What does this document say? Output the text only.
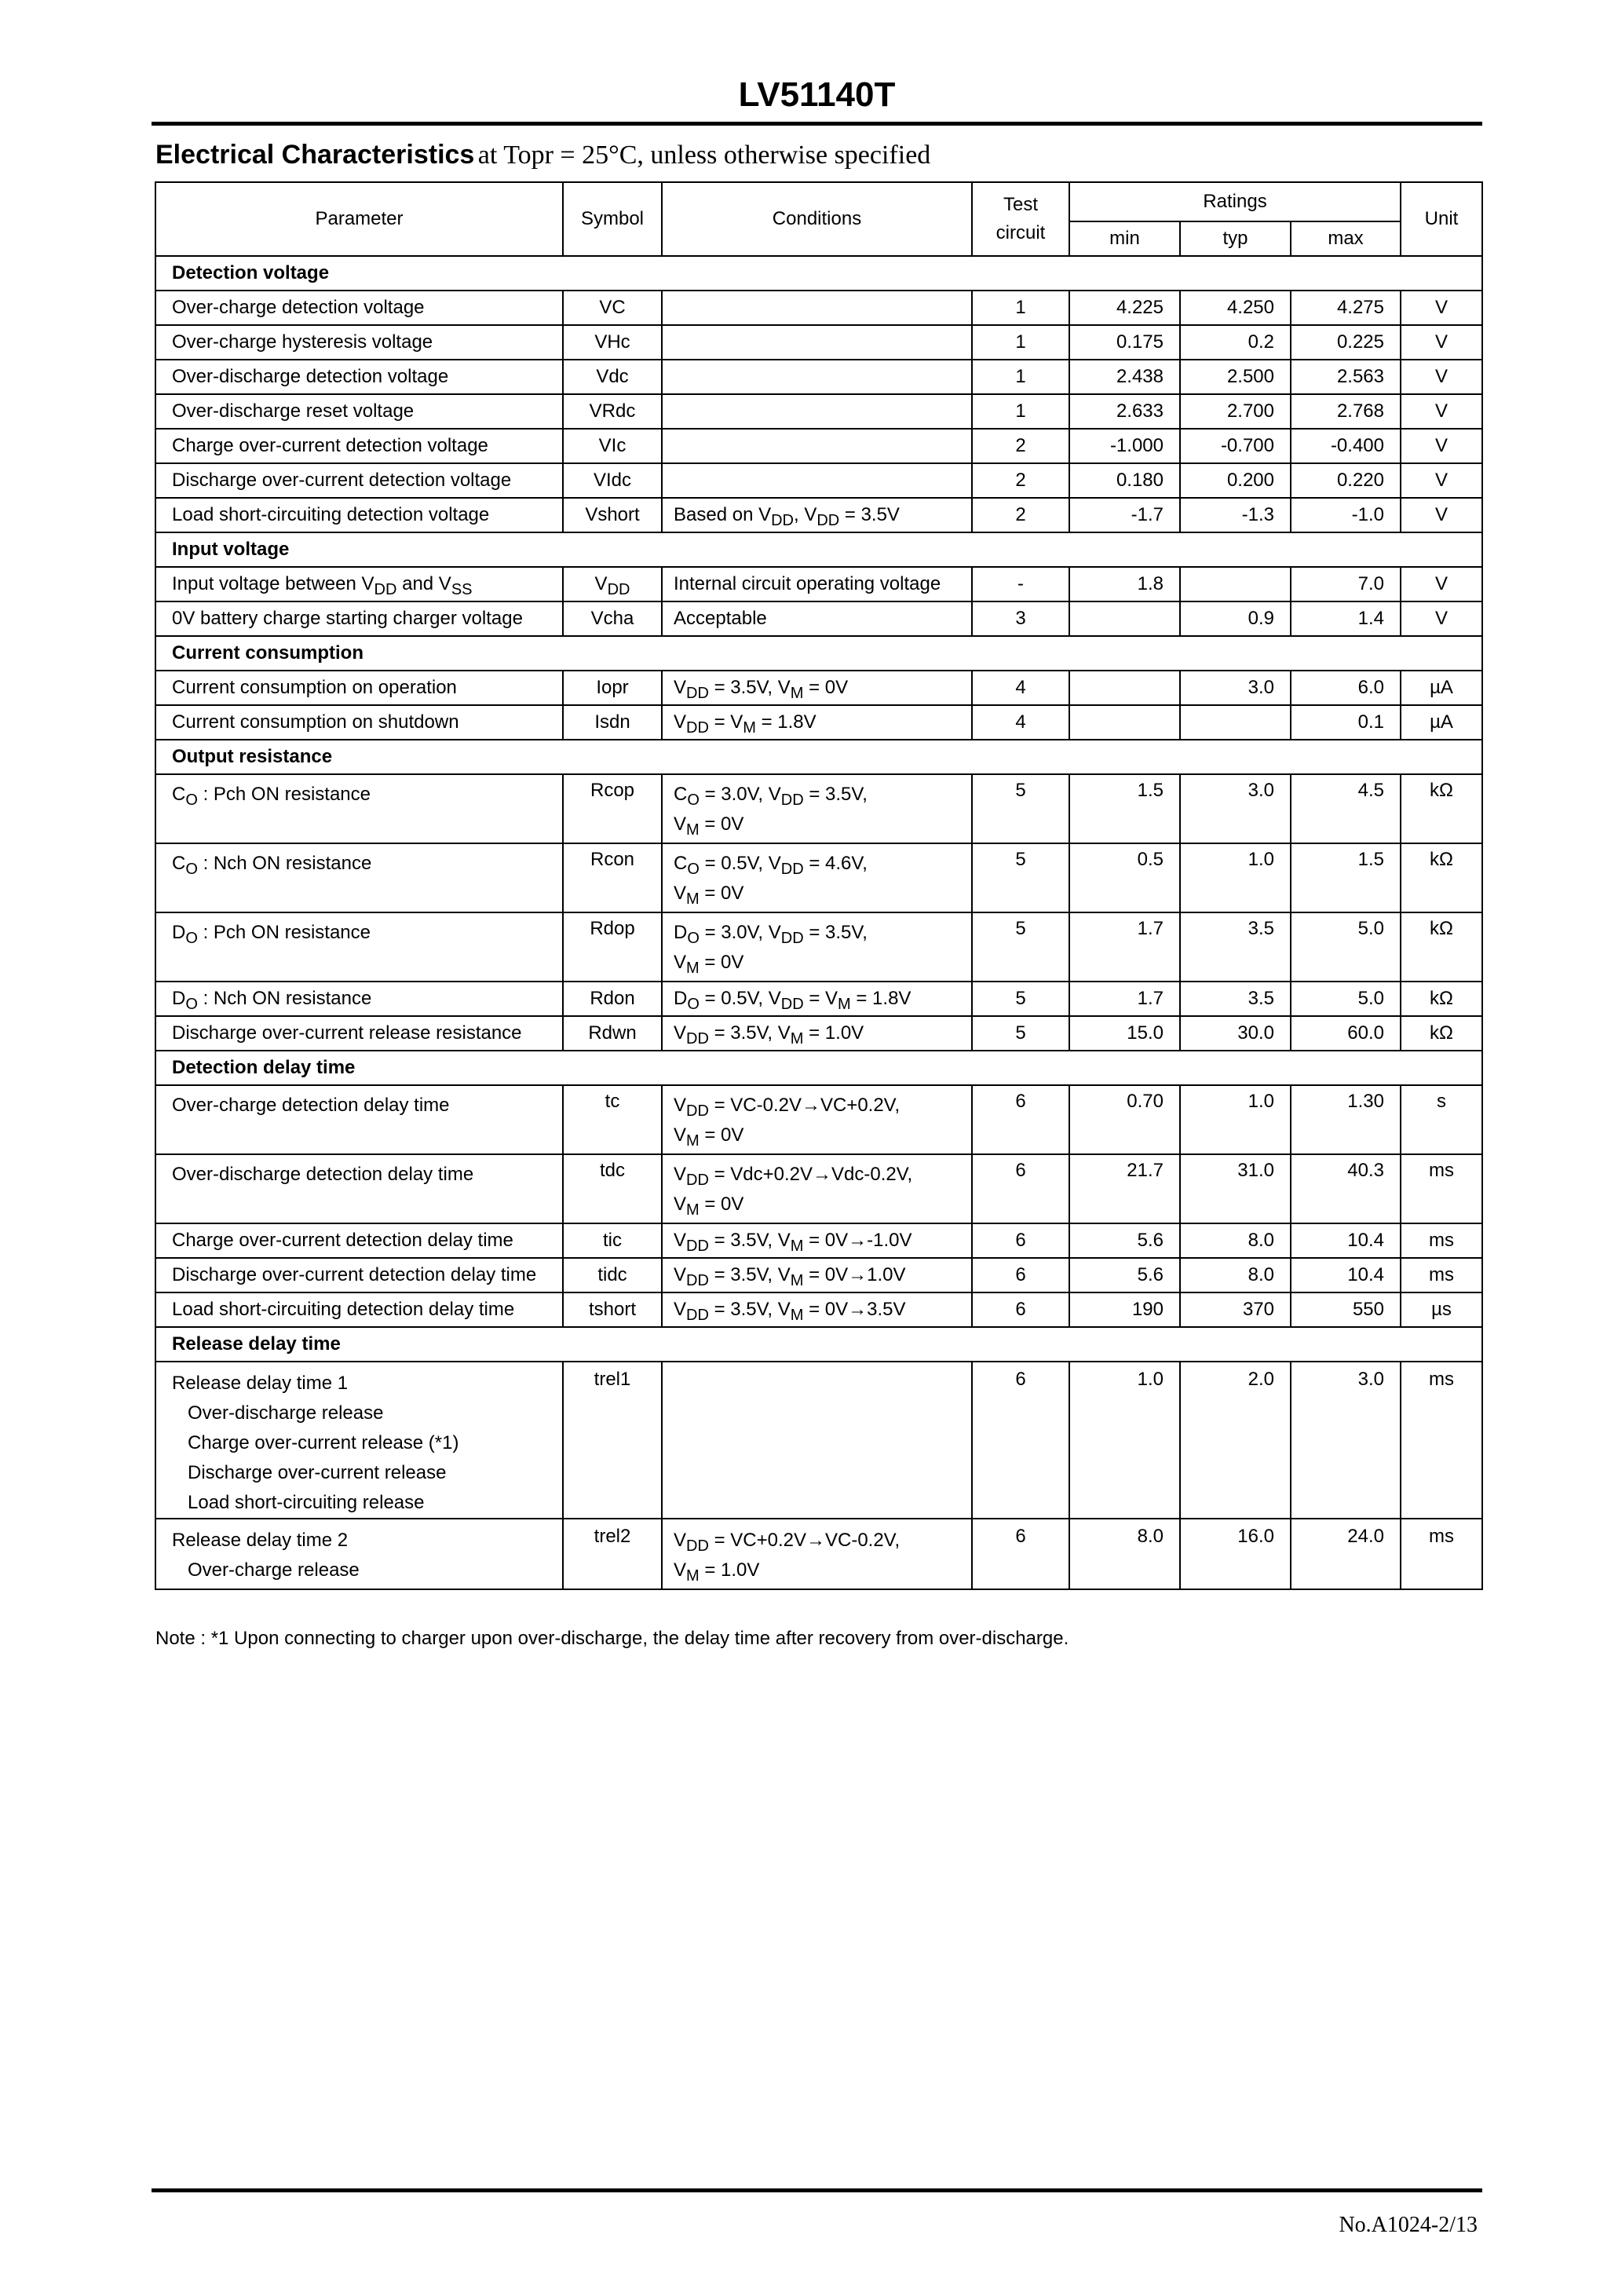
LV51140T
Electrical Characteristics at Topr = 25°C, unless otherwise specified
Parameter	Symbol	Conditions	Test circuit	Ratings			Unit
				min	typ	max	
Detection voltage							
Over-charge detection voltage	VC		1	4.225	4.250	4.275	V
Over-charge hysteresis voltage	VHc		1	0.175	0.2	0.225	V
Over-discharge detection voltage	Vdc		1	2.438	2.500	2.563	V
Over-discharge reset voltage	VRdc		1	2.633	2.700	2.768	V
Charge over-current detection voltage	VIc		2	-1.000	-0.700	-0.400	V
Discharge over-current detection voltage	VIdc		2	0.180	0.200	0.220	V
Load short-circuiting detection voltage	Vshort	Based on $V_{DD}$, $V_{DD} = 3.5V$	2	-1.7	-1.3	-1.0	V
Input voltage							
Input voltage between $V_{DD}$ and $V_{SS}$	$V_{DD}$	Internal circuit operating voltage	-	1.8		7.0	V
0V battery charge starting charger voltage	Vcha	Acceptable	3		0.9	1.4	V
Current consumption							
Current consumption on operation	Iopr	$V_{DD} = 3.5V$, $V_M = 0V$	4		3.0	6.0	µA
Current consumption on shutdown	Isdn	$V_{DD} = V_M = 1.8V$	4			0.1	µA
Output resistance							
$C_O$ : Pch ON resistance	Rcop	$C_O = 3.0V$, $V_{DD} = 3.5V$,
$V_M = 0V$	5	1.5	3.0	4.5	kΩ
$C_O$ : Nch ON resistance	Rcon	$C_O = 0.5V$, $V_{DD} = 4.6V$,
$V_M = 0V$	5	0.5	1.0	1.5	kΩ
$D_O$ : Pch ON resistance	Rdop	$D_O = 3.0V$, $V_{DD} = 3.5V$,
$V_M = 0V$	5	1.7	3.5	5.0	kΩ
$D_O$ : Nch ON resistance	Rdon	$D_O = 0.5V$, $V_{DD} = V_M = 1.8V$	5	1.7	3.5	5.0	kΩ
Discharge over-current release resistance	Rdwn	$V_{DD} = 3.5V$, $V_M = 1.0V$	5	15.0	30.0	60.0	kΩ
Detection delay time							
Over-charge detection delay time	tc	$V_{DD} = VC-0.2V\to VC+0.2V$,
$V_M = 0V$	6	0.70	1.0	1.30	s
Over-discharge detection delay time	tdc	$V_{DD} = Vdc+0.2V\to Vdc-0.2V$,
$V_M = 0V$	6	21.7	31.0	40.3	ms
Charge over-current detection delay time	tic	$V_{DD} = 3.5V$, $V_M = 0V\to-1.0V$	6	5.6	8.0	10.4	ms
Discharge over-current detection delay time	tidc	$V_{DD} = 3.5V$, $V_M = 0V\to 1.0V$	6	5.6	8.0	10.4	ms
Load short-circuiting detection delay time	tshort	$V_{DD} = 3.5V$, $V_M = 0V\to 3.5V$	6	190	370	550	µs
Release delay time							

Release delay time 1
Over-discharge release
Charge over-current release (*1)
Discharge over-current release
Load short-circuiting release	trel1		6	1.0	2.0	3.0	ms

Release delay time 2
Over-charge release	trel2	$V_{DD} = VC+0.2V\to VC-0.2V$,
$V_M = 1.0V$	6	8.0	16.0	24.0	ms
Note : *1 Upon connecting to charger upon over-discharge, the delay time after recovery from over-discharge.
No.A1024-2/13
